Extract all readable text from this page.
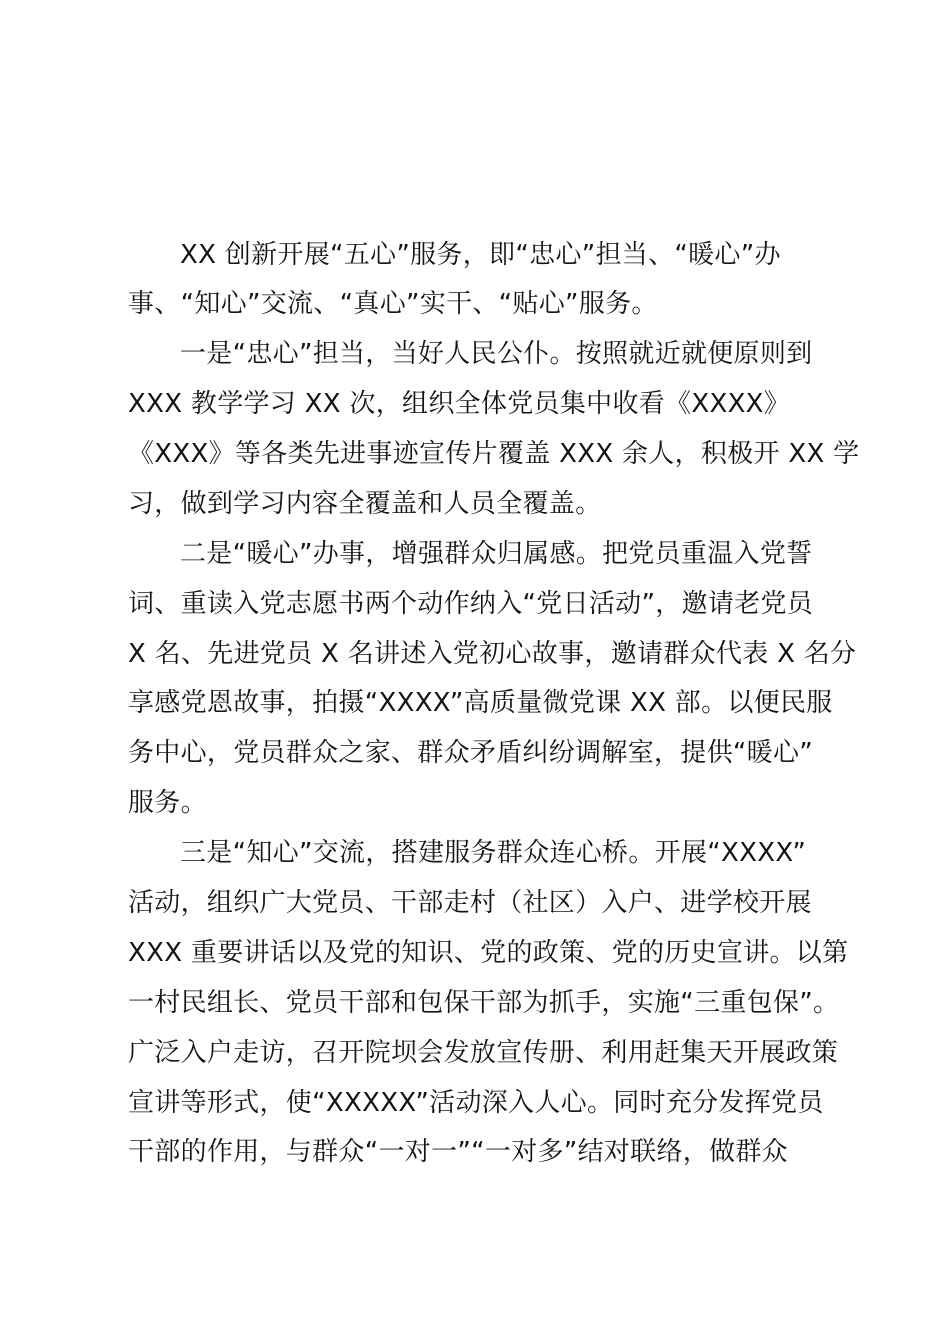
XX 创新开展“五心”服务，即“忠心”担当、“暖心”办

事、“知心”交流、“真心”实干、“贴心”服务。

一是“忠心”担当，当好人民公仆。按照就近就便原则到

XXX 教学学习 XX 次，组织全体党员集中收看《XXXX》

《XXX》等各类先进事迹宣传片覆盖 XXX 余人，积极开 XX 学

习，做到学习内容全覆盖和人员全覆盖。

二是“暖心”办事，增强群众归属感。把党员重温入党誓

词、重读入党志愿书两个动作纳入“党日活动”，邀请老党员

X 名、先进党员 X 名讲述入党初心故事，邀请群众代表 X 名分

享感党恩故事，拍摄“XXXX”高质量微党课 XX 部。以便民服

务中心，党员群众之家、群众矛盾纠纷调解室，提供“暖心”

服务。

三是“知心”交流，搭建服务群众连心桥。开展“XXXX”

活动，组织广大党员、干部走村（社区）入户、进学校开展

XXX 重要讲话以及党的知识、党的政策、党的历史宣讲。以第

一村民组长、党员干部和包保干部为抓手，实施“三重包保”。

广泛入户走访，召开院坝会发放宣传册、利用赶集天开展政策

宣讲等形式，使“XXXXX”活动深入人心。同时充分发挥党员

干部的作用，与群众“一对一”“一对多”结对联络，做群众
